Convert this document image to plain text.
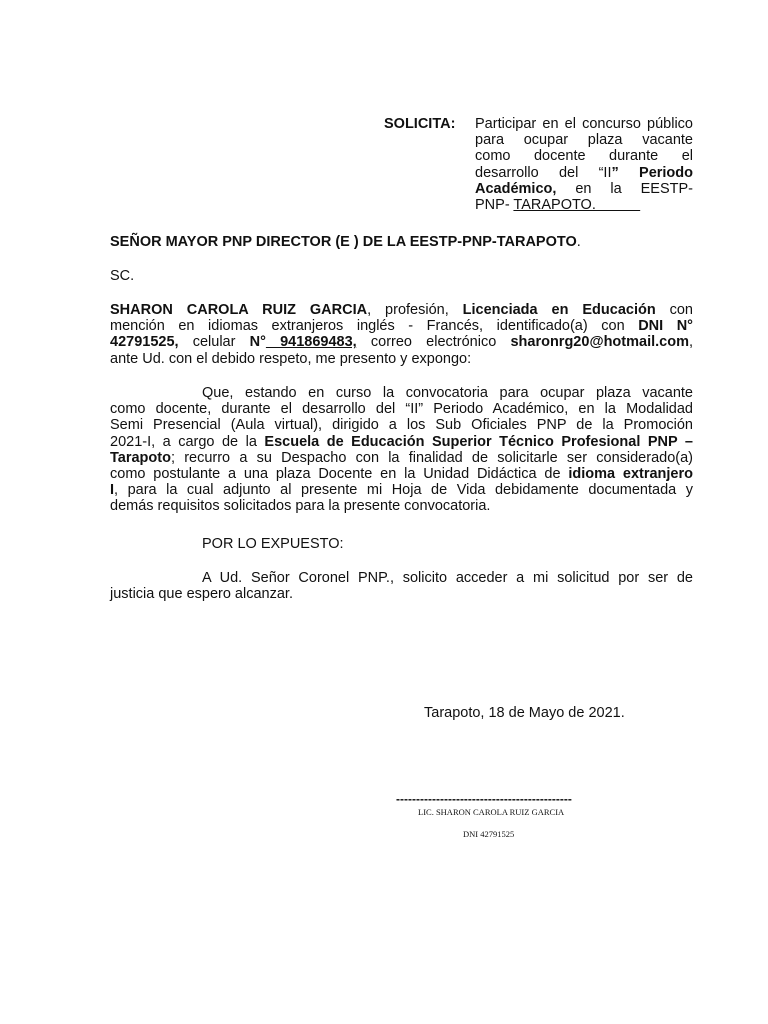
SOLICITA: Participar en el concurso público
para ocupar plaza vacante
como docente durante el
desarrollo del “II” Periodo
Académico, en la EESTP-
PNP- TARAPOTO.
SEÑOR MAYOR PNP DIRECTOR (E ) DE LA EESTP-PNP-TARAPOTO.
SC.
SHARON CAROLA RUIZ GARCIA, profesión, Licenciada en Educación con
mención en idiomas extranjeros inglés - Francés, identificado(a) con DNI N°
42791525, celular N° 941869483, correo electrónico sharonrg20@hotmail.com,
ante Ud. con el debido respeto, me presento y expongo:
Que, estando en curso la convocatoria para ocupar plaza vacante
como docente, durante el desarrollo del “II” Periodo Académico, en la Modalidad
Semi Presencial (Aula virtual), dirigido a los Sub Oficiales PNP de la Promoción
2021-I, a cargo de la Escuela de Educación Superior Técnico Profesional PNP –
Tarapoto; recurro a su Despacho con la finalidad de solicitarle ser considerado(a)
como postulante a una plaza Docente en la Unidad Didáctica de idioma extranjero
I, para la cual adjunto al presente mi Hoja de Vida debidamente documentada y
demás requisitos solicitados para la presente convocatoria.
POR LO EXPUESTO:
A Ud. Señor Coronel PNP., solicito acceder a mi solicitud por ser de
justicia que espero alcanzar.
Tarapoto, 18 de Mayo de 2021.
--------------------------------------------
LIC. SHARON CAROLA RUIZ GARCIA
DNI 42791525
